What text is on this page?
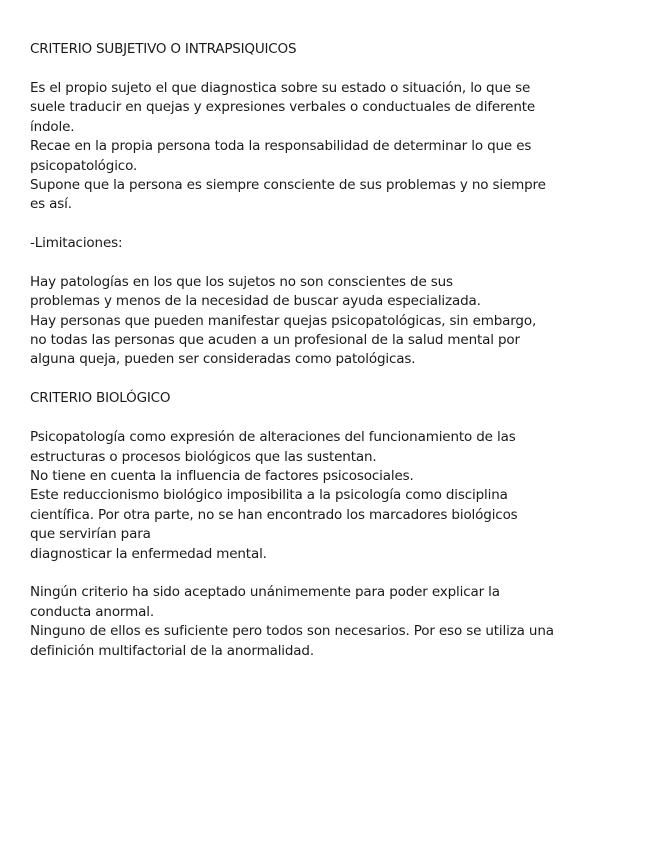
CRITERIO SUBJETIVO O INTRAPSIQUICOS
Es el propio sujeto el que diagnostica sobre su estado o situación, lo que se
suele traducir en quejas y expresiones verbales o conductuales de diferente
índole.
Recae en la propia persona toda la responsabilidad de determinar lo que es
psicopatológico.
Supone que la persona es siempre consciente de sus problemas y no siempre
es así.
-Limitaciones:
Hay patologías en los que los sujetos no son conscientes de sus
problemas y menos de la necesidad de buscar ayuda especializada.
Hay personas que pueden manifestar quejas psicopatológicas, sin embargo,
no todas las personas que acuden a un profesional de la salud mental por
alguna queja, pueden ser consideradas como patológicas.
CRITERIO BIOLÓGICO
Psicopatología como expresión de alteraciones del funcionamiento de las
estructuras o procesos biológicos que las sustentan.
No tiene en cuenta la influencia de factores psicosociales.
Este reduccionismo biológico imposibilita a la psicología como disciplina
científica. Por otra parte, no se han encontrado los marcadores biológicos
que servirían para
diagnosticar la enfermedad mental.
Ningún criterio ha sido aceptado unánimemente para poder explicar la
conducta anormal.
Ninguno de ellos es suficiente pero todos son necesarios. Por eso se utiliza una
definición multifactorial de la anormalidad.
